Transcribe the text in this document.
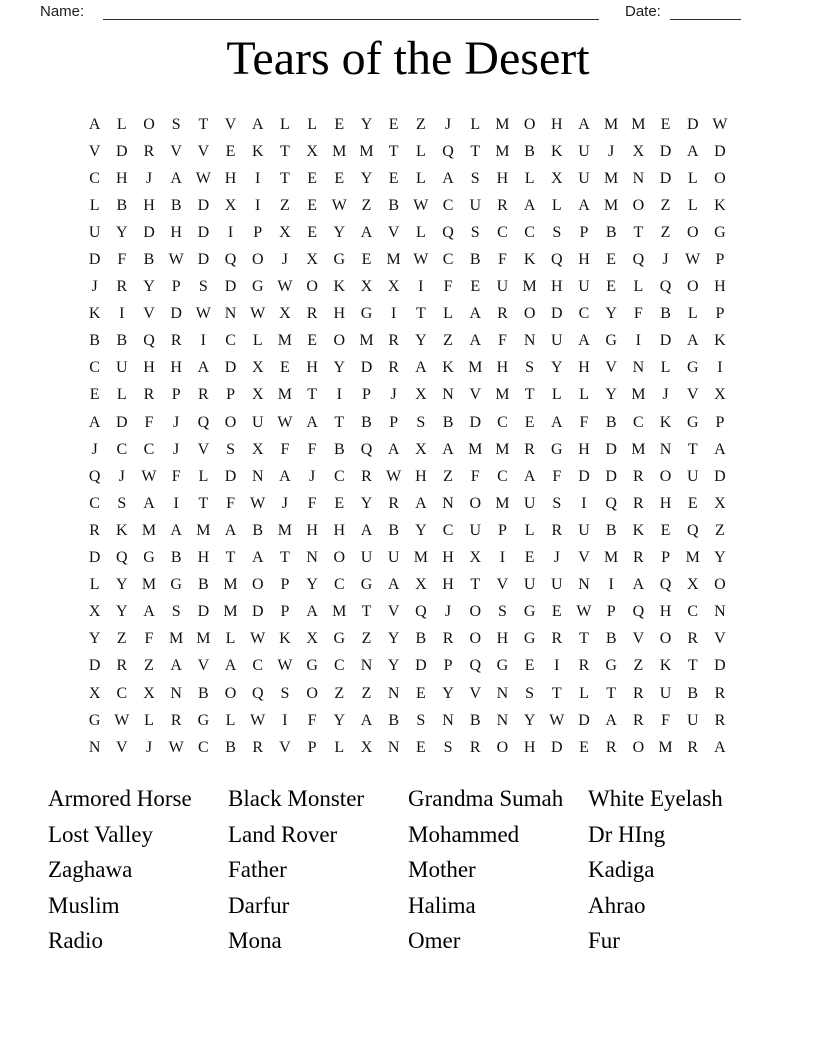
Name:	Date:
Tears of the Desert
A	L	O	S	T	V A	L	L	E	Y	E	Z	J	L M O H A M M E	D W
V D	R	V V	E	K	T	X M M T	L	Q	T M B	K U	J	X D A D
C	H	J	A W H	I	T	E	E	Y	E	L	A	S	H	L	X U M N D	L	O
L	B	H	B	D X	I	Z	E W Z	B W C	U	R	A	L	A M O	Z	L	K
U Y D H D	I	P	X	E	Y A V	L	Q	S	C	C	S	P	B	T	Z	O G
D	F	B W D Q O	J	X G	E M W C	B	F	K Q H	E	Q	J	W P
J	R	Y	P	S	D G W O K X X	I	F	E	U M H U	E	L	Q O H
K	I	V D W N W X	R	H G	I	T	L	A	R	O D	C	Y	F	B	L	P
B	B	Q	R	I	C	L M E	O M R	Y	Z	A	F	N U A G	I	D A K
C	U H H A D X	E	H Y D	R	A K M H	S	Y H V N	L	G	I
E	L	R	P	R	P	X M T	I	P	J	X N V M T	L	L	Y M	J	V X
A D	F	J	Q O U W A	T	B	P	S	B	D	C	E	A	F	B	C	K G	P
J	C	C	J	V	S	X	F	F	B	Q A X A M M R	G H D M N	T	A
Q	J	W F	L	D N A	J	C	R W H	Z	F	C	A	F	D D	R	O U D
C	S	A	I	T	F W	J	F	E	Y	R	A N O M U	S	I	Q	R	H	E	X
R	K M A M A	B M H H A	B	Y	C	U	P	L	R	U	B	K	E	Q	Z
D Q G	B	H	T	A	T	N O U U M H X	I	E	J	V M R	P M Y
L	Y M G	B M O	P	Y	C	G A X H	T	V U U N	I	A Q X O
X Y A	S	D M D	P	A M T	V Q	J	O	S	G	E W P	Q H	C	N
Y	Z	F M M L W K X G	Z	Y	B	R	O H G	R	T	B	V O	R	V
D	R	Z	A V A	C W G	C	N Y D	P	Q G	E	I	R	G	Z	K	T	D
X	C	X N	B	O Q	S	O	Z	Z	N	E	Y V N	S	T	L	T	R	U	B	R
G W L	R	G	L W	I	F	Y A	B	S	N	B	N Y W D A	R	F	U	R
N V	J	W C	B	R	V	P	L	X N	E	S	R	O H D	E	R	O M R	A
Armored Horse
Lost Valley
Zaghawa
Muslim
Radio
Black Monster
Land Rover
Father
Darfur
Mona
Grandma Sumah
Mohammed
Mother
Halima
Omer
White Eyelash
Dr HIng
Kadiga
Ahrao
Fur
